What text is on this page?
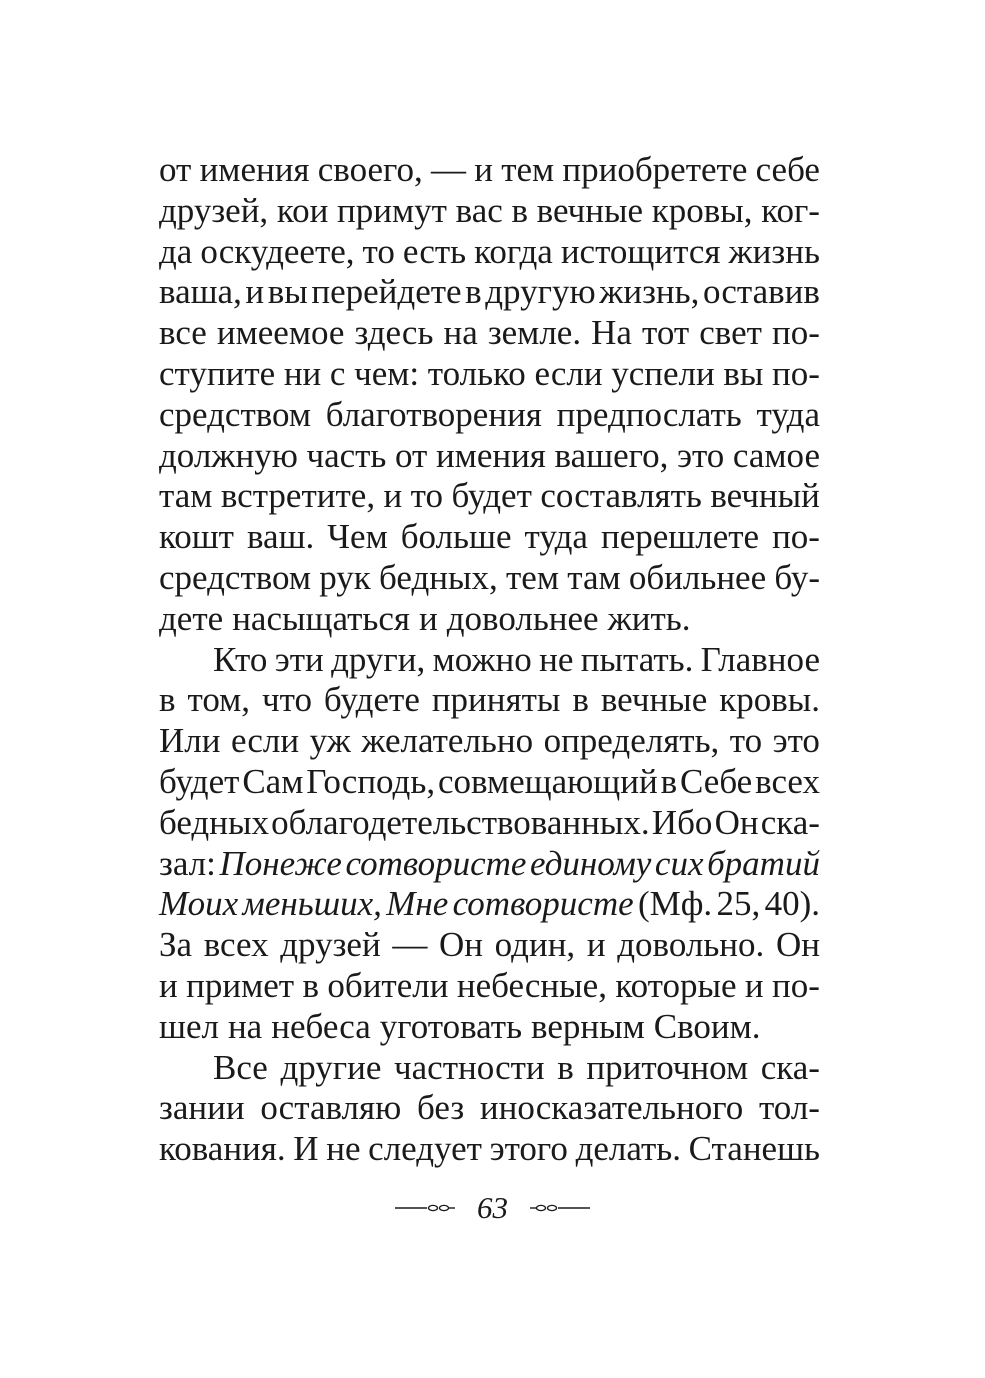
от имения своего, — и тем приобретете себе
друзей, кои примут вас в вечные кровы, ког-
да оскудеете, то есть когда истощится жизнь
ваша, и вы перейдете в другую жизнь, оставив
все имеемое здесь на земле. На тот свет по-
ступите ни с чем: только если успели вы по-
средством благотворения предпослать туда
должную часть от имения вашего, это самое
там встретите, и то будет составлять вечный
кошт ваш. Чем больше туда перешлете по-
средством рук бедных, тем там обильнее бу-
дете насыщаться и довольнее жить.
Кто эти други, можно не пытать. Главное
в том, что будете приняты в вечные кровы.
Или если уж желательно определять, то это
будет Сам Господь, совмещающий в Себе всех
бедных облагодетельствованных. Ибо Он ска-
зал: Понеже сотвористе единому сих братий
Моих меньших, Мне сотвористе (Мф. 25, 40).
За всех друзей — Он один, и довольно. Он
и примет в обители небесные, которые и по-
шел на небеса уготовать верным Своим.
Все другие частности в приточном ска-
зании оставляю без иносказательного тол-
кования. И не следует этого делать. Станешь
63
